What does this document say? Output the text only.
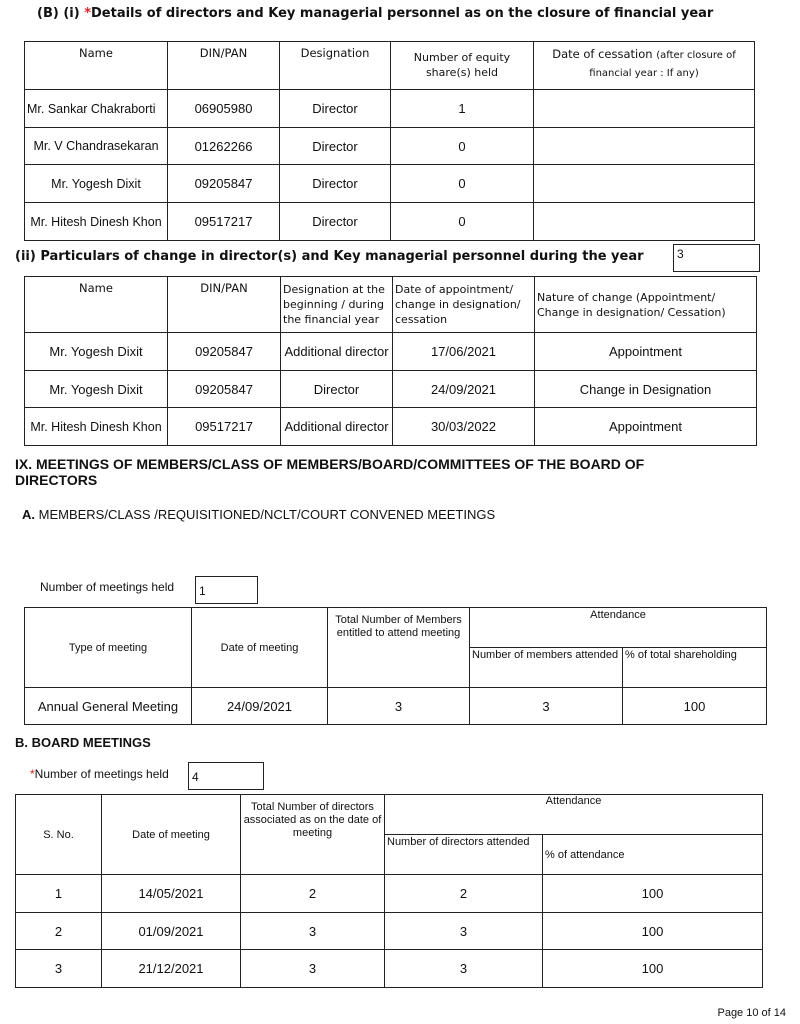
(B) (i) *Details of directors and Key managerial personnel as on the closure of financial year
Name	DIN/PAN	Designation	Number of equity share(s) held	Date of cessation (after closure of financial year : If any)
Mr. Sankar Chakraborti	06905980	Director	1	
Mr. V Chandrasekaran	01262266	Director	0	
Mr. Yogesh Dixit	09205847	Director	0	
Mr. Hitesh Dinesh Khon	09517217	Director	0	
(ii) Particulars of change in director(s) and Key managerial personnel during the year	3
Name	DIN/PAN	Designation at the beginning / during the financial year	Date of appointment/ change in designation/ cessation	Nature of change (Appointment/ Change in designation/ Cessation)
Mr. Yogesh Dixit	09205847	Additional director	17/06/2021	Appointment
Mr. Yogesh Dixit	09205847	Director	24/09/2021	Change in Designation
Mr. Hitesh Dinesh Khon	09517217	Additional director	30/03/2022	Appointment
IX. MEETINGS OF MEMBERS/CLASS OF MEMBERS/BOARD/COMMITTEES OF THE BOARD OF DIRECTORS
A. MEMBERS/CLASS /REQUISITIONED/NCLT/COURT CONVENED MEETINGS
Number of meetings held	1
Type of meeting	Date of meeting	Total Number of Members entitled to attend meeting	Attendance	
			Number of members attended	% of total shareholding
Annual General Meeting	24/09/2021	3	3	100
B. BOARD MEETINGS
*Number of meetings held	4
S. No.	Date of meeting	Total Number of directors associated as on the date of meeting	Attendance	
			Number of directors attended	% of attendance
1	14/05/2021	2	2	100
2	01/09/2021	3	3	100
3	21/12/2021	3	3	100
Page 10 of 14
